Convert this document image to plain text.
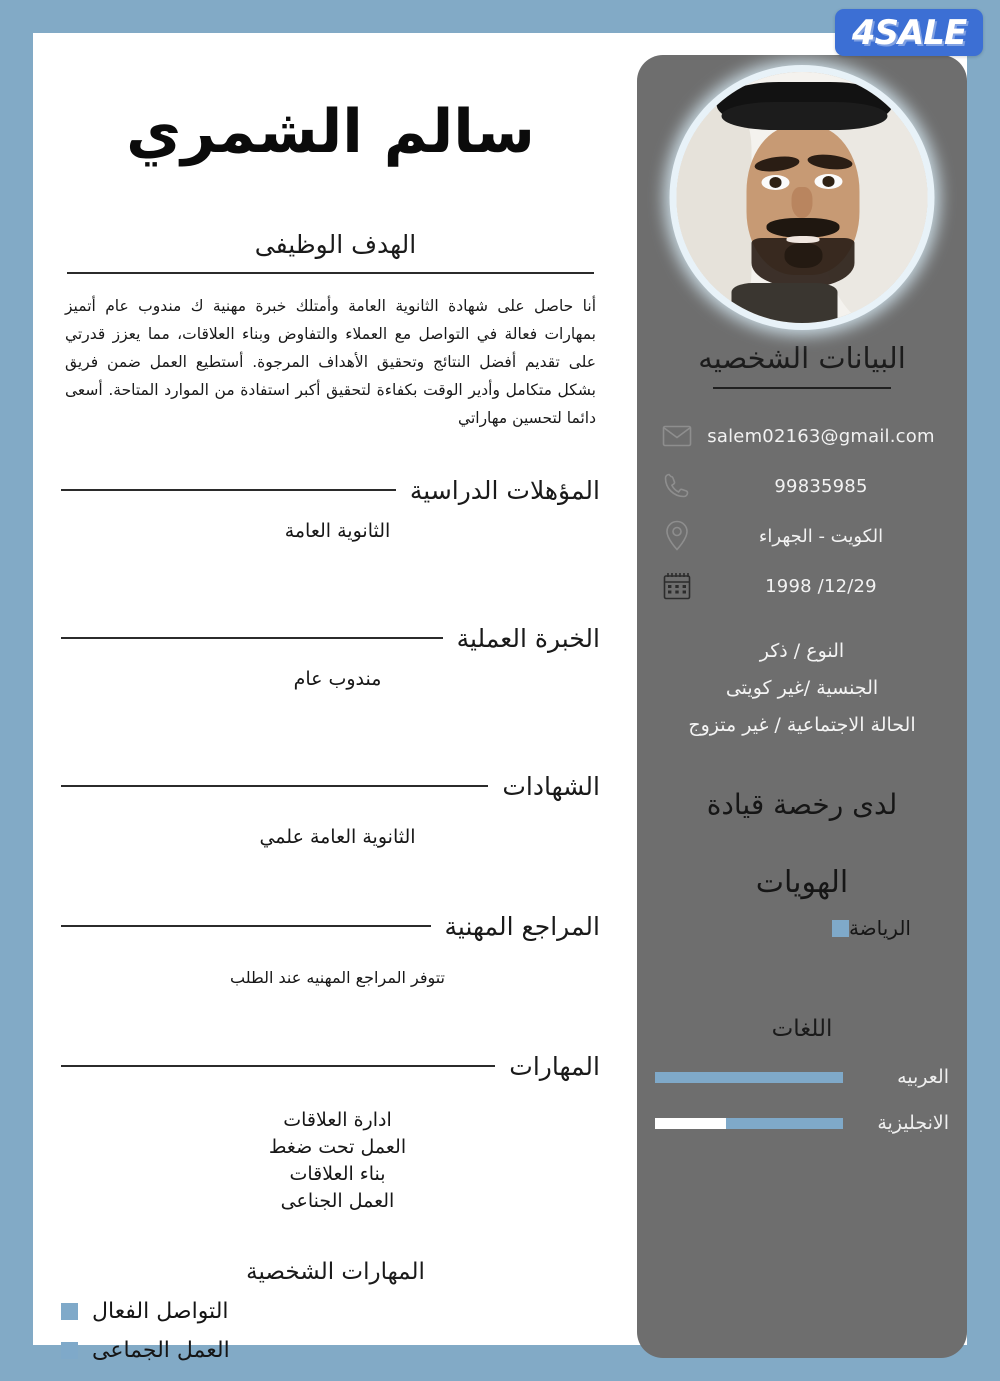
4SALE
سالم الشمري
الهدف الوظيفى
أنا حاصل على شهادة الثانوية العامة وأمتلك خبرة مهنية ك مندوب عام أتميز بمهارات فعالة في التواصل مع العملاء والتفاوض وبناء العلاقات، مما يعزز قدرتي على تقديم أفضل النتائج وتحقيق الأهداف المرجوة. أستطيع العمل ضمن فريق بشكل متكامل وأدير الوقت بكفاءة لتحقيق أكبر استفادة من الموارد المتاحة. أسعى دائما لتحسين مهاراتي
المؤهلات الدراسية
الثانوية العامة
الخبرة العملية
مندوب عام
الشهادات
الثانوية العامة علمي
المراجع المهنية
تتوفر المراجع المهنيه عند الطلب
المهارات
ادارة العلاقات
العمل تحت ضغط
بناء العلاقات
العمل الجناعى
المهارات الشخصية
التواصل الفعال
العمل الجماعى
البيانات الشخصيه
salem02163@gmail.com
99835985
الكويت - الجهراء
1998 /12/29
النوع / ذكر
الجنسية /غير كويتى
الحالة الاجتماعية / غير متزوج
لدى رخصة قيادة
الهويات
الرياضة
اللغات
العربيه
الانجليزية
